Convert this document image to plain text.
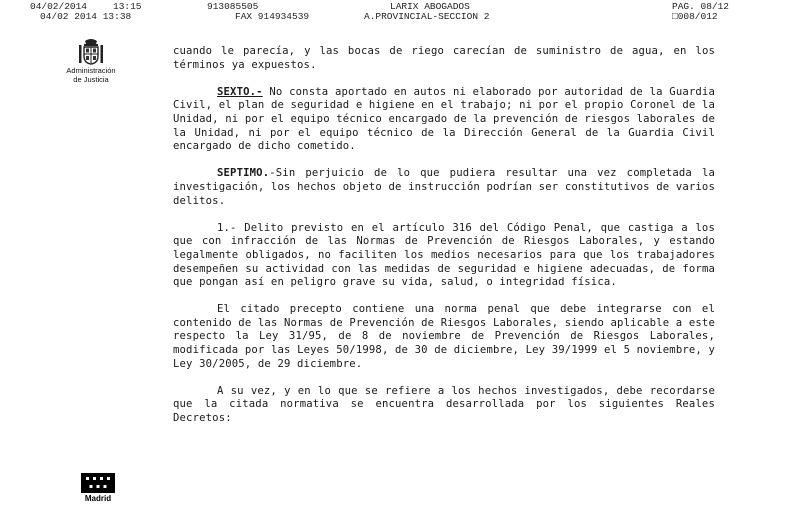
04/02/2014	13:15	913085505	LARIX ABOGADOS	PAG. 08/12
04/02 2014 13:38	FAX 914934539	A.PROVINCIAL-SECCION 2	□008/012
Administración
de Justicia
Madrid

cuando le parecía, y las bocas de riego carecían de suministro de agua, en los términos ya expuestos.

SEXTO.- No consta aportado en autos ni elaborado por autoridad de la Guardia Civil, el plan de seguridad e higiene en el trabajo; ni por el propio Coronel de la Unidad, ni por el equipo técnico encargado de la prevención de riesgos laborales de la Unidad, ni por el equipo técnico de la Dirección General de la Guardia Civil encargado de dicho cometido.

SEPTIMO.-Sin perjuicio de lo que pudiera resultar una vez completada la investigación, los hechos objeto de instrucción podrían ser constitutivos de varios delitos.

1.- Delito previsto en el artículo 316 del Código Penal, que castiga a los que con infracción de las Normas de Prevención de Riesgos Laborales, y estando legalmente obligados, no faciliten los medios necesarios para que los trabajadores desempeñen su actividad con las medidas de seguridad e higiene adecuadas, de forma que pongan así en peligro grave su vida, salud, o integridad física.

El citado precepto contiene una norma penal que debe integrarse con el contenido de las Normas de Prevención de Riesgos Laborales, siendo aplicable a este respecto la Ley 31/95, de 8 de noviembre de Prevención de Riesgos Laborales, modificada por las Leyes 50/1998, de 30 de diciembre, Ley 39/1999 el 5 noviembre, y Ley 30/2005, de 29 diciembre.

A su vez, y en lo que se refiere a los hechos investigados, debe recordarse que la citada normativa se encuentra desarrollada por los siguientes Reales Decretos:
